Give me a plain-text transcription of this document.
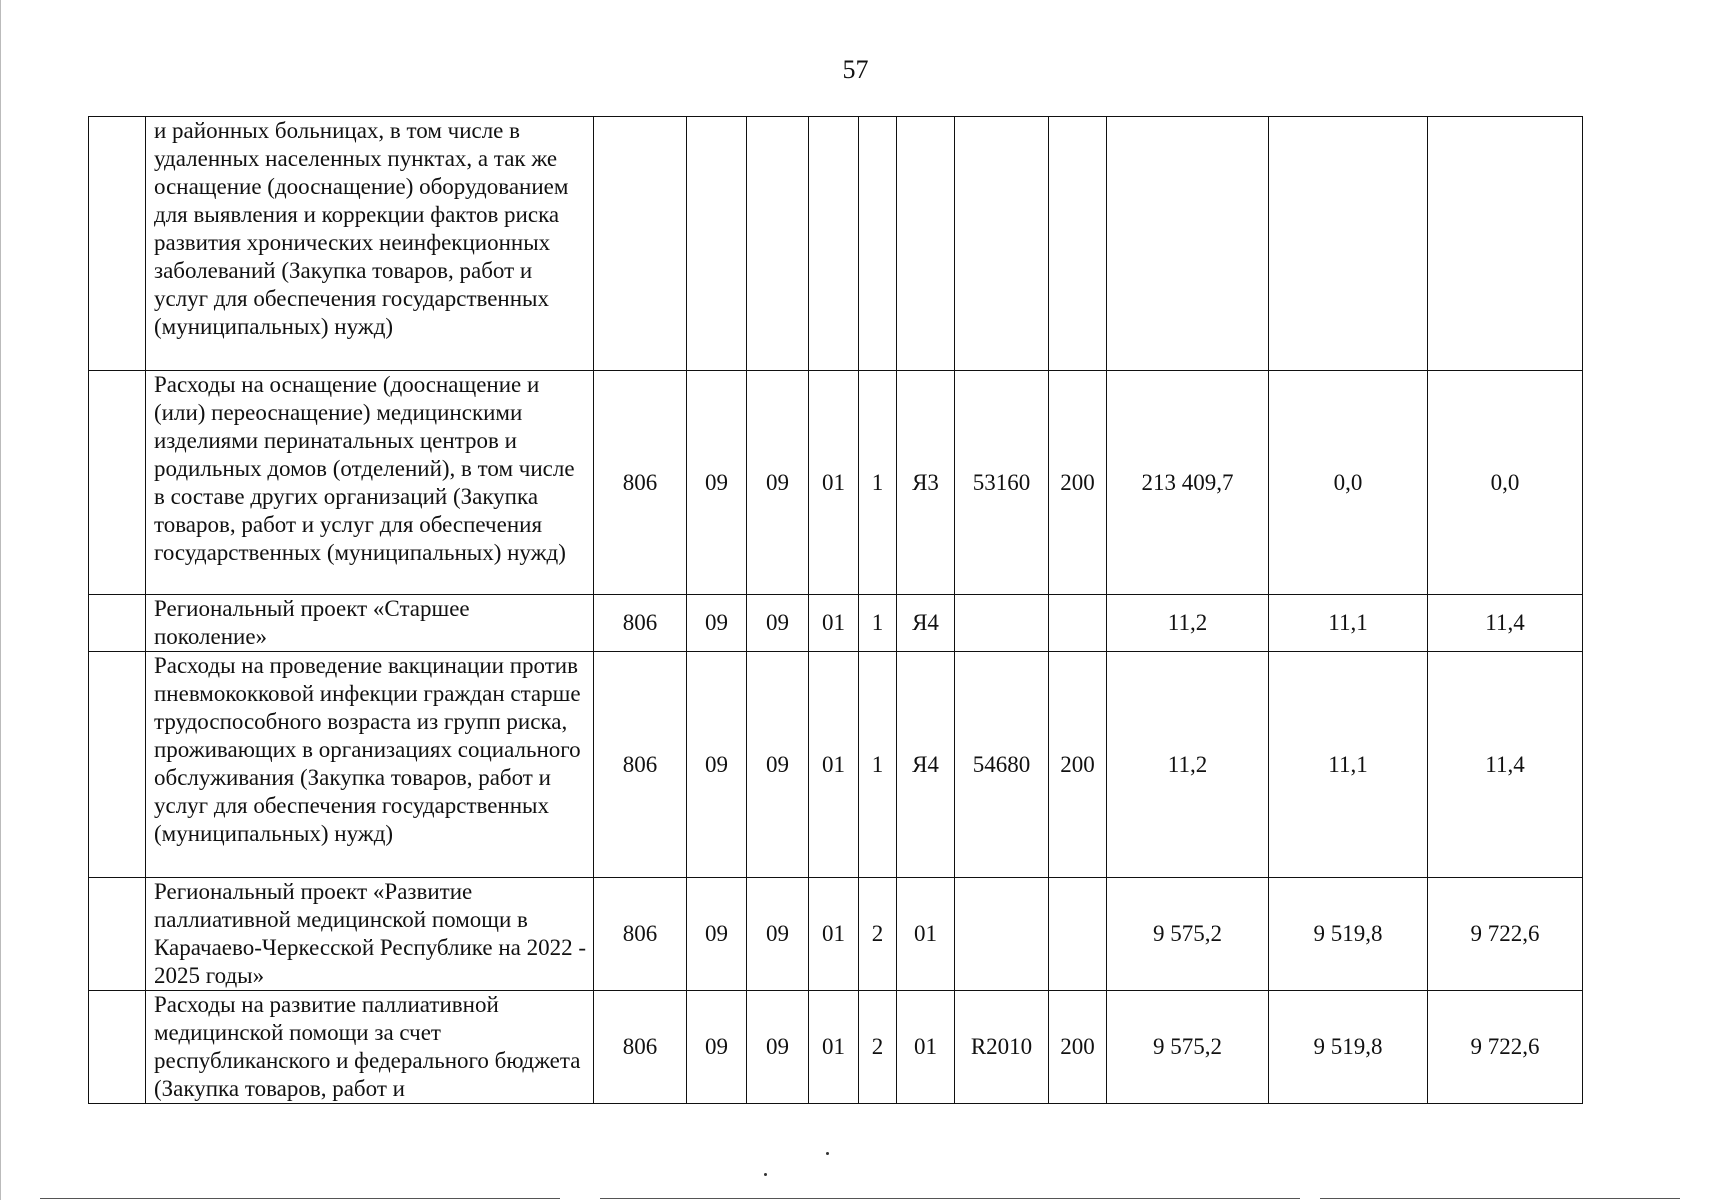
57
	и районных больницах, в том числе в удаленных населенных пунктах, а так же оснащение (дооснащение) оборудованием для выявления и коррекции фактов риска развития хронических неинфекционных заболеваний (Закупка товаров, работ и услуг для обеспечения государственных (муниципальных) нужд)											
	Расходы на оснащение (дооснащение и (или) переоснащение) медицинскими изделиями перинатальных центров и родильных домов (отделений), в том числе в составе других организаций (Закупка товаров, работ и услуг для обеспечения государственных (муниципальных) нужд)	806	09	09	01	1	Я3	53160	200	213 409,7	0,0	0,0
	Региональный проект «Старшее поколение»	806	09	09	01	1	Я4			11,2	11,1	11,4
	Расходы на проведение вакцинации против пневмококковой инфекции граждан старше трудоспособного возраста из групп риска, проживающих в организациях социального обслуживания (Закупка товаров, работ и услуг для обеспечения государственных (муниципальных) нужд)	806	09	09	01	1	Я4	54680	200	11,2	11,1	11,4
	Региональный проект «Развитие паллиативной медицинской помощи в Карачаево-Черкесской Республике на 2022 - 2025 годы»	806	09	09	01	2	01			9 575,2	9 519,8	9 722,6
	Расходы на развитие паллиативной медицинской помощи за счет республиканского и федерального бюджета (Закупка товаров, работ и	806	09	09	01	2	01	R2010	200	9 575,2	9 519,8	9 722,6
